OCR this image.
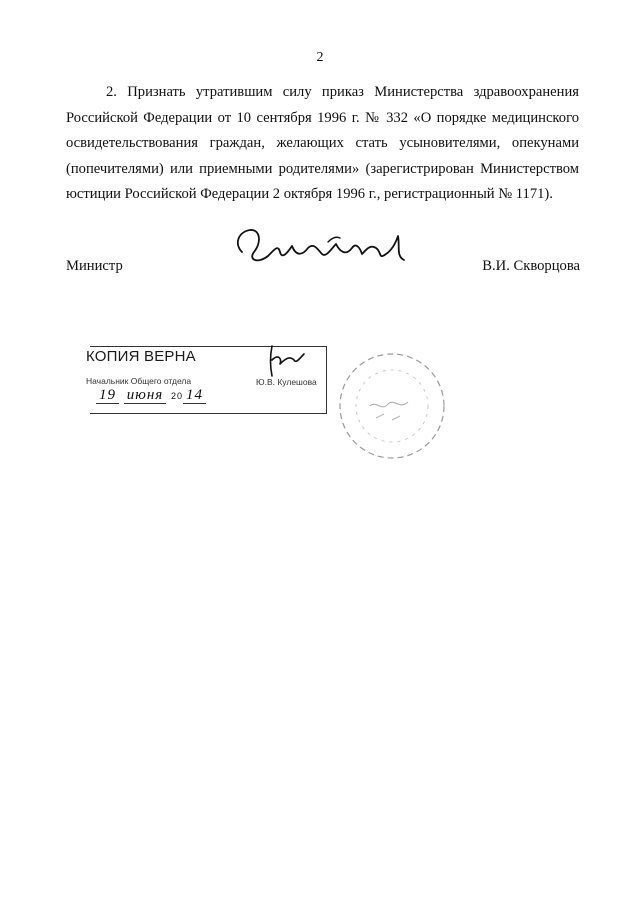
2

2. Признать утратившим силу приказ Министерства здравоохранения Российской Федерации от 10 сентября 1996 г. № 332 «О порядке медицинского освидетельствования граждан, желающих стать усыновителями, опекунами (попечителями) или приемными родителями» (зарегистрирован Министерством юстиции Российской Федерации 2 октября 1996 г., регистрационный № 1171).

Министр	В.И. Скворцова
КОПИЯ ВЕРНА
Начальник Общего отдела	Ю.В. Кулешова
19 июня 20 14
